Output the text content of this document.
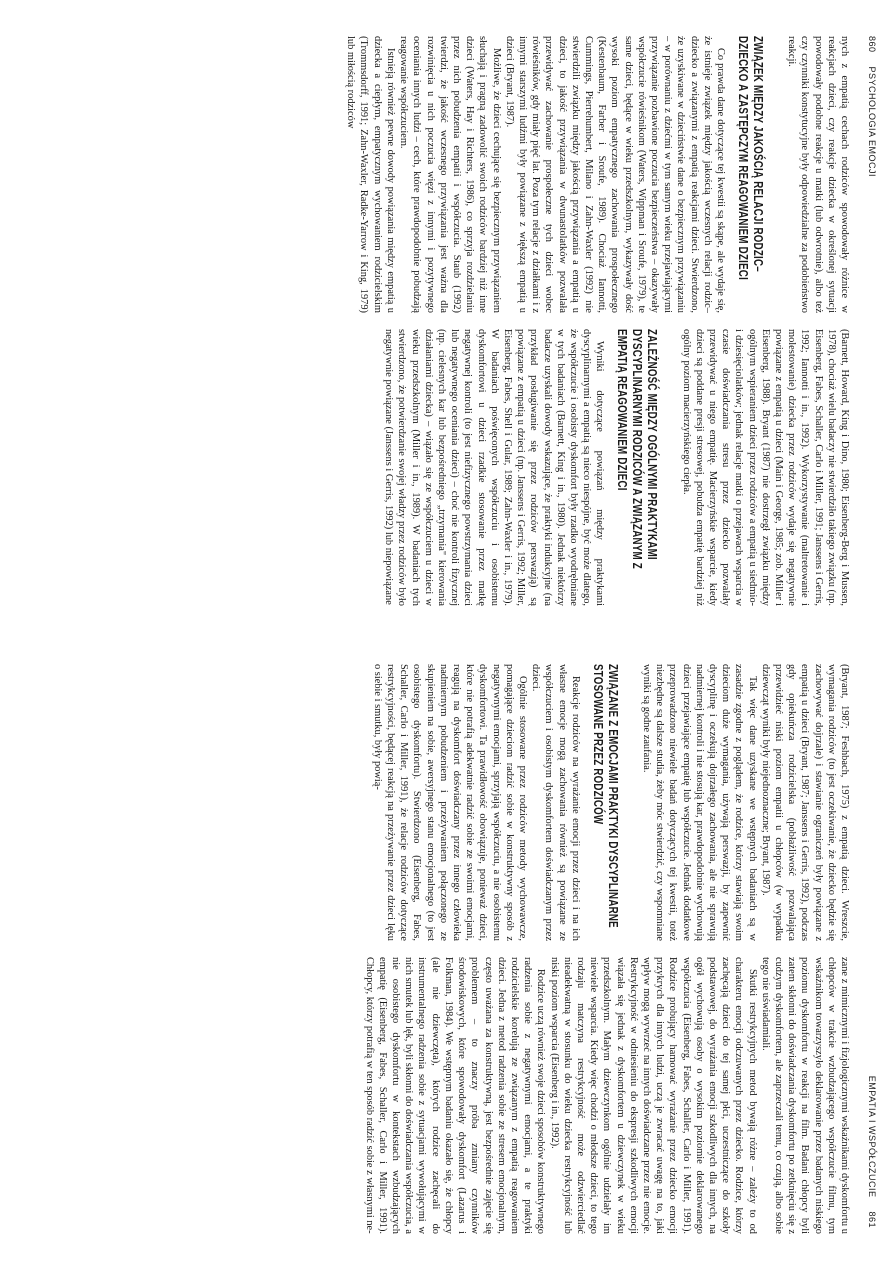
860
PSYCHOLOGIA EMOCJI

nych z empatią cechach rodziców spowodowały różnice w reakcjach dzieci, czy reakcje dziecka w określonej sytuacji powodowały podobne reakcje u matki (lub odwrotnie), albo też czy czynniki konstytucyjne były odpowiedzialne za podobieństwo reakcji.

ZWIĄZEK MIĘDZY JAKOŚCIĄ RELACJI RODZIC–DZIECKO A ZASTĘPCZYM REAGOWANIEM DZIECI

Co prawda dane dotyczące tej kwestii są skąpe, ale wydaje się, że istnieje związek między jakością wczesnych relacji rodzic–dziecko a związanymi z empatią reakcjami dzieci. Stwierdzono, że uzyskiwane w dzieciństwie dane o bezpiecznym przywiązaniu – w porównaniu z dziećmi w tym samym wieku przejawiającymi przywiązanie pozbawione poczucia bezpieczeństwa – okazywały współczucie rówieśnikom (Waters, Wippman i Sroufe, 1979), te same dzieci, będące w wieku przedszkolnym, wykazywały dość wysoki poziom empatycznego zachowania prospołecznego (Kestenbaum, Farber i Sroufe, 1989). Chociaż Iannotti, Cummings, Pierrehumbert, Milano i Zahn-Waxler (1992) nie stwierdzili związku między jakością przywiązania a empatią u dzieci, to jakość przywiązania w dwunastolatków pozwalała przewidywać zachowanie prospołeczne tych dzieci wobec rówieśników, gdy miały pięć lat. Poza tym relacje z działkami i z innymi starszymi ludźmi były powiązane z większą empatią u dzieci (Bryant, 1987).

Możliwe, że dzieci cechujące się bezpiecznym przywiązaniem słuchają i pragną zadowolić swoich rodziców bardziej niż inne dzieci (Waters, Hay i Richters, 1986), co sprzyja rozdzielaniu przez nich pobudzenia empatii i współczucia. Staub (1992) twierdzi, że jakość wczesnego przywiązania jest ważna dla rozwinięcia u nich poczucia więzi z innymi i pozytywnego oceniania innych ludzi – cech, które prawdopodobnie pobudzają reagowanie współczuciem.

Istnieją również pewne dowody powiązania między empatią u dziecka a ciepłym, empatycznym wychowaniem rodzicielskim (Trommsdorff, 1991; Zahn-Waxler, Radke-Yarrow i King, 1979) lub miłością rodziców

(Barnett, Howard, King i Dino, 1980; Eisenberg-Berg i Mussen, 1978), chociaż wielu badaczy nie stwierdziło takiego związku (np. Eisenberg, Fabes, Schaller, Carlo i Miller, 1991; Janssens i Gerris, 1992; Iannotti i in., 1992). Wykorzystywanie (maltretowanie i molestowanie) dziecka przez rodziców wydaje się negatywnie powiązane z empatią u dzieci (Main i George, 1985; zob. Miller i Eisenberg, 1988). Bryant (1987) nie dostrzegł związku między ogólnym wspieraniem dzieci przez rodziców a empatią u siedmio- i dziesięciolatków; jednak relacje matki o przejawach wsparcia w czasie doświadczania stresu przez dziecko pozwalały przewidywać u niego empatię. Macierzyńskie wsparcie, kiedy dzieci są poddane presji stresowej, pobudza empatię bardziej niż ogólny poziom macierzyńskiego ciepła.

ZALEŻNOŚĆ MIĘDZY OGÓLNYMI PRAKTYKAMI DYSCYPLINARNYMI RODZICÓW A ZWIĄZANYM Z EMPATIĄ REAGOWANIEM DZIECI

Wyniki dotyczące powiązań między praktykami dyscyplinarnymi a empatią są nieco niespójne, być może dlatego, że współczucie i osobisty dyskomfort były rzadko wyodrębniane w tych badaniach (Barnett, King i in., 1980). Jednak niektórzy badacze uzyskali dowody wskazujące, że praktyki indukcyjne (na przykład posługiwanie się przez rodziców perswazją) są powiązane z empatią u dzieci (np. Janssens i Gerris, 1992; Miller, Eisenberg, Fabes, Shell i Gular, 1989; Zahn-Waxler i in., 1979). W badaniach poświęconych współczuciu i osobistemu dyskomfortowi u dzieci rzadkie stosowanie przez matkę negatywnej kontroli (to jest niefizycznego powstrzymania dzieci lub negatywnego oceniania dzieci) – choć nie kontroli fizycznej (np. cielesnych kar lub bezpośredniego „trzymania" kierowania działaniami dziecka) – wiązało się ze współczuciem u dzieci w wieku przedszkolnym (Miller i in., 1989). W badaniach tych stwierdzono, że potwierdzanie swojej władzy przez rodziców było negatywnie powiązane (Janssens i Gerris, 1992) lub niepowiązane

EMPATIA I WSPÓŁCZUCIE
861

(Bryant, 1987; Feshbach, 1975) z empatią dzieci. Wreszcie, wymagania rodziców (to jest oczekiwanie, że dziecko będzie się zachowywać dojrzale) i stawianie ograniczeń były powiązane z empatią u dzieci (Bryant, 1987; Janssens i Gerris, 1992), podczas gdy opiekuńcza rodzicielska (pobłażliwość pozwalająca przewidzieć niski poziom empatii u chłopców (w wypadku dziewcząt wyniki były niejednoznaczne; Bryant, 1987).

Tak więc dane uzyskane we wstępnych badaniach są w zasadzie zgodne z poglądem, że rodzice, którzy stawiają swoim dzieciom duże wymagania, używają perswazji, by zapewnić dyscyplinę i oczekują dojrzałego zachowania, ale nie sprawują nadmiernej kontroli i nie stosują kar, prawdopodobnie wychowują dzieci przejawiające empatię lub współczucie. Jednak dodatkowe przeprowadzono niewiele badań dotyczących tej kwestii, toteż niezbędne są dalsze studia, żeby móc stwierdzić, czy wspomniane wyniki są godne zaufania.

ZWIĄZANE Z EMOCJAMI PRAKTYKI DYSCYPLINARNE STOSOWANE PRZEZ RODZICÓW

Reakcje rodziców na wyrażanie emocji przez dzieci i na ich własne emocje mogą zachowania również są powiązane ze współczuciem i osobistym dyskomfortem doświadczanym przez dzieci.

Ogólnie stosowane przez rodziców metody wychowawcze, pomagające dzieciom radzić sobie w konstruktywny sposób z negatywnymi emocjami, sprzyjają współczuciu, a nie osobistemu dyskomfortowi. Ta prawidłowość obowiązuje, ponieważ dzieci, które nie potrafią adekwatnie radzić sobie ze swoimi emocjami, reagują na dyskomfort doświadczany przez innego człowieka nadmiernym pobudzeniem i przeżywaniem połączonego ze skupieniem na sobie, awersyjnego stanu emocjonalnego (to jest osobistego dyskomfortu). Stwierdzono (Eisenberg, Fabes, Schaller, Carlo i Miller, 1991), że relacje rodziców dotyczące restrykcyjności, będącej reakcją na przeżywanie przez dzieci lęku o siebie i smutku, były powią-

zane z mimicznymi i fizjologicznymi wskaźnikami dyskomfortu u chłopców w trakcie wzbudzającego współczucie filmu, tym wskaźnikom towarzyszyło deklarowanie przez badanych niskiego poziomu dyskomfortu w reakcji na film. Badani chłopcy byli zatem skłonni do doświadczania dyskomfortu po zetknięciu się z cudzym dyskomfortem, ale zaprzeczali temu, co czują, albo sobie tego nie uświadamiali.

Skutki restrykcyjnych metod bywają różne – zależy to od charakteru emocji odczuwanych przez dziecko. Rodzice, którzy zachęcają dzieci do tej samej płci, uczestniczące do szkoły podstawowej, do wyrażania emocji szkodliwych dla innych, na ogół wychowują osoby o wysokim poziomie deklarowanego współczucia (Eisenberg, Fabes, Schaller, Carlo i Miller, 1991). Rodzice probujący hamować wyrażanie przez dziecko emocji przykrych dla innych ludzi, uczą je zwracać uwagę na to, jaki wpływ mogą wywrzeć na innych doświadczane przez nie emocje. Restrykcyjność w odniesieniu do ekspresji szkodliwych emocji wiązała się jednak z dyskomfortem u dziewczynek w wieku przedszkolnym. Małym dziewczynkom ogólnie udzielały im niewiele wsparcia. Kiedy więc chodzi o młodsze dzieci, to tego rodzaju matczyna restrykcyjność może odzwierciedlać nieadekwatną w stosunku do wieku dziecka restrykcyjność lub niski poziom wsparcia (Eisenberg i in., 1992).

Rodzice uczą również swoje dzieci sposobów konstruktywnego radzenia sobie z negatywnymi emocjami, a te praktyki rodzicielskie korelują ze związanym z empatią reagowaniem dzieci. Jedna z metod radzenia sobie ze stresem emocjonalnym, często uważana za konstruktywną, jest bezpośrednie zajęcie się problemem – to znaczy próba zmiany czynników środowiskowych, które spowodowały dyskomfort (Lazarus i Folkman, 1984). We wstępnym badaniu okazało się, że chłopcy (ale nie dziewczęta), których rodzice zachęcali do instrumentalnego radzenia sobie z sytuacjami wywołującymi w nich smutek lub lęk, byli skłonni do doświadczania współczucia, a nie osobistego dyskomfortu w kontekstach wzbudzających empatię (Eisenberg, Fabes, Schaller, Carlo i Miller, 1991). Chłopcy, którzy potrafią w ten sposób radzić sobie z własnymi ne-
